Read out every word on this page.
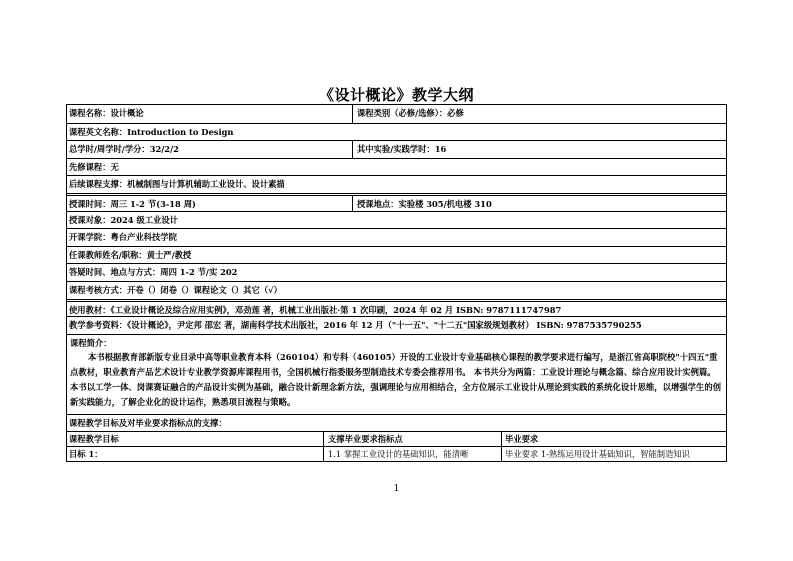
《设计概论》教学大纲
课程名称：设计概论	课程类别（必修/选修）：必修
课程英文名称：Introduction to Design
总学时/周学时/学分：32/2/2	其中实验/实践学时：16
先修课程：无
后续课程支撑：机械制图与计算机辅助工业设计、设计素描
授课时间：周三 1-2 节(3-18 周)	授课地点：实验楼 305/机电楼 310
授课对象：2024 级工业设计
开课学院：粤台产业科技学院
任课教师姓名/职称：黄士严/教授
答疑时间、地点与方式：周四 1-2 节/实 202
课程考核方式：开卷（）闭卷（）课程论文（）其它（√）
使用教材：《工业设计概论及综合应用实例》，邓劲莲 著，机械工业出版社·第 1 次印刷，2024 年 02 月 ISBN: 9787111747987
教学参考资料：《设计概论》，尹定邦 邵宏 著，湖南科学技术出版社，2016 年 12 月（"十一五"、"十二五"国家级规划教材） ISBN: 9787535790255
课程简介：

本书根据教育部新版专业目录中高等职业教育本科（260104）和专科（460105）开设的工业设计专业基础核心课程的教学要求进行编写，是浙江省高职院校"十四五"重点教材，职业教育产品艺术设计专业教学资源库课程用书，全国机械行指委服务型制造技术专委会推荐用书。 本书共分为两篇：工业设计理论与概念篇、综合应用设计实例篇。本书以工学一体、岗课赛证融合的产品设计实例为基础，融合设计新理念新方法，强调理论与应用相结合，全方位展示工业设计从理论到实践的系统化设计思维，以增强学生的创新实践能力，了解企业化的设计运作，熟悉项目流程与策略。

课程教学目标及对毕业要求指标点的支撑：
课程教学目标	支撑毕业要求指标点	毕业要求
目标 1：	1.1 掌握工业设计的基础知识，能清晰	毕业要求 1-熟练运用设计基础知识，智能制造知识
1
